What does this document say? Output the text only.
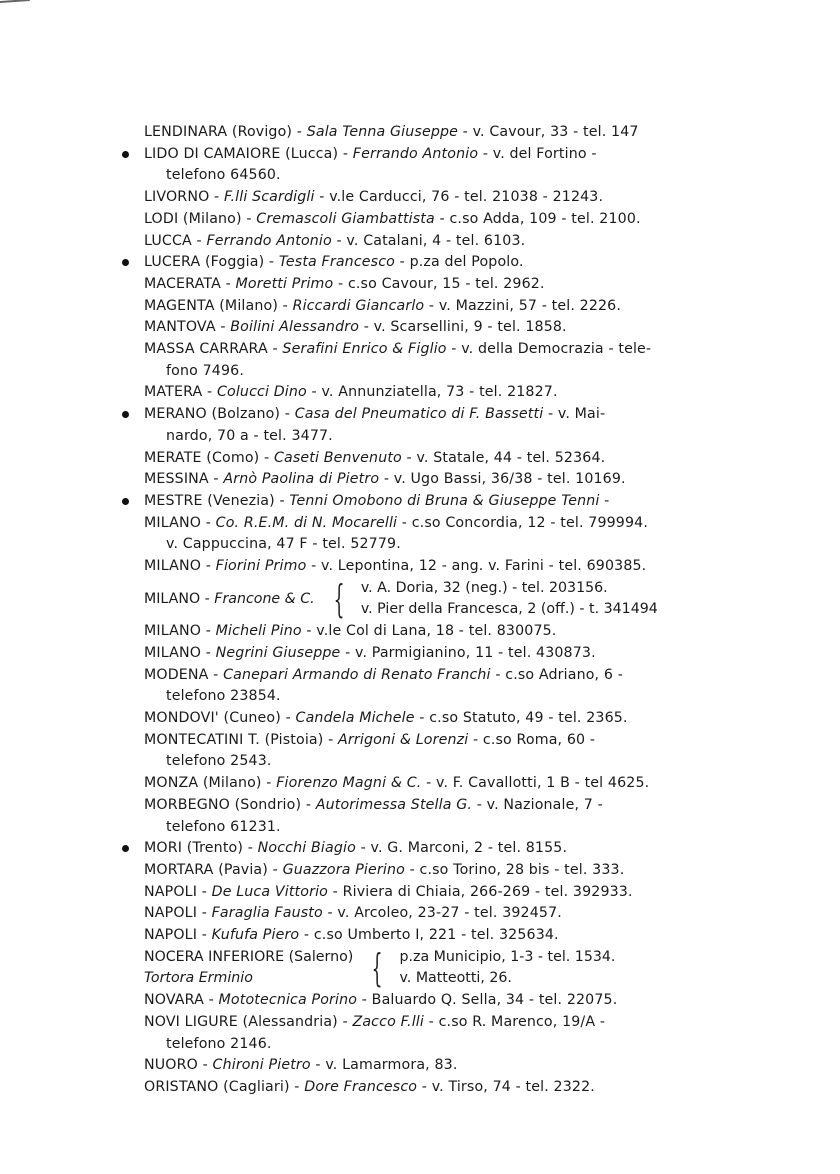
LENDINARA (Rovigo) - Sala Tenna Giuseppe - v. Cavour, 33 - tel. 147
LIDO DI CAMAIORE (Lucca) - Ferrando Antonio - v. del Fortino -
telefono 64560.
LIVORNO - F.lli Scardigli - v.le Carducci, 76 - tel. 21038 - 21243.
LODI (Milano) - Cremascoli Giambattista - c.so Adda, 109 - tel. 2100.
LUCCA - Ferrando Antonio - v. Catalani, 4 - tel. 6103.
LUCERA (Foggia) - Testa Francesco - p.za del Popolo.
MACERATA - Moretti Primo - c.so Cavour, 15 - tel. 2962.
MAGENTA (Milano) - Riccardi Giancarlo - v. Mazzini, 57 - tel. 2226.
MANTOVA - Boilini Alessandro - v. Scarsellini, 9 - tel. 1858.
MASSA CARRARA - Serafini Enrico & Figlio - v. della Democrazia - tele-
fono 7496.
MATERA - Colucci Dino - v. Annunziatella, 73 - tel. 21827.
MERANO (Bolzano) - Casa del Pneumatico di F. Bassetti - v. Mai-
nardo, 70 a - tel. 3477.
MERATE (Como) - Caseti Benvenuto - v. Statale, 44 - tel. 52364.
MESSINA - Arnò Paolina di Pietro - v. Ugo Bassi, 36/38 - tel. 10169.
MESTRE (Venezia) - Tenni Omobono di Bruna & Giuseppe Tenni -
MILANO - Co. R.E.M. di N. Mocarelli - c.so Concordia, 12 - tel. 799994.
v. Cappuccina, 47 F - tel. 52779.
MILANO - Fiorini Primo - v. Lepontina, 12 - ang. v. Farini - tel. 690385.
MILANO - Francone & C. { v. A. Doria, 32 (neg.) - tel. 203156.
v. Pier della Francesca, 2 (off.) - t. 341494
MILANO - Micheli Pino - v.le Col di Lana, 18 - tel. 830075.
MILANO - Negrini Giuseppe - v. Parmigianino, 11 - tel. 430873.
MODENA - Canepari Armando di Renato Franchi - c.so Adriano, 6 -
telefono 23854.
MONDOVI' (Cuneo) - Candela Michele - c.so Statuto, 49 - tel. 2365.
MONTECATINI T. (Pistoia) - Arrigoni & Lorenzi - c.so Roma, 60 -
telefono 2543.
MONZA (Milano) - Fiorenzo Magni & C. - v. F. Cavallotti, 1 B - tel 4625.
MORBEGNO (Sondrio) - Autorimessa Stella G. - v. Nazionale, 7 -
telefono 61231.
MORI (Trento) - Nocchi Biagio - v. G. Marconi, 2 - tel. 8155.
MORTARA (Pavia) - Guazzora Pierino - c.so Torino, 28 bis - tel. 333.
NAPOLI - De Luca Vittorio - Riviera di Chiaia, 266-269 - tel. 392933.
NAPOLI - Faraglia Fausto - v. Arcoleo, 23-27 - tel. 392457.
NAPOLI - Kufufa Piero - c.so Umberto I, 221 - tel. 325634.
NOCERA INFERIORE (Salerno)
Tortora Erminio	{ p.za Municipio, 1-3 - tel. 1534.
v. Matteotti, 26.
NOVARA - Mototecnica Porino - Baluardo Q. Sella, 34 - tel. 22075.
NOVI LIGURE (Alessandria) - Zacco F.lli - c.so R. Marenco, 19/A -
telefono 2146.
NUORO - Chironi Pietro - v. Lamarmora, 83.
ORISTANO (Cagliari) - Dore Francesco - v. Tirso, 74 - tel. 2322.
